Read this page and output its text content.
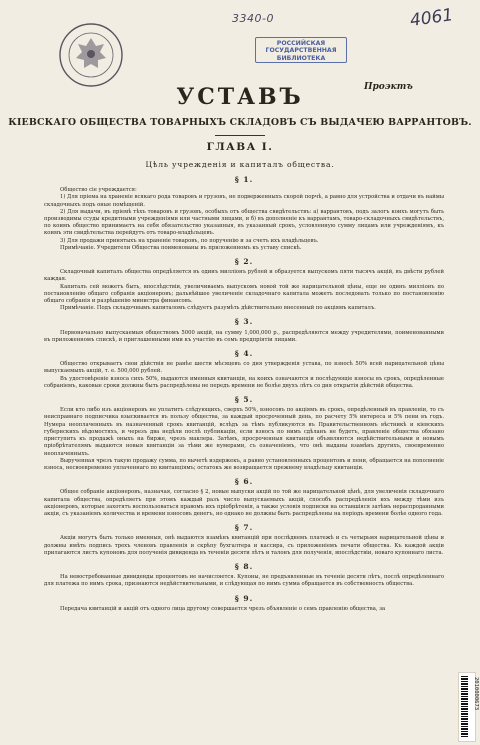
3340-0	4061
РОССИЙСКАЯ
ГОСУДАРСТВЕННАЯ
БИБЛИОТЕКА
Проэктъ
УСТАВЪ
КІЕВСКАГО ОБЩЕСТВА ТОВАРНЫХЪ СКЛАДОВЪ СЪ ВЫДАЧЕЮ ВАРРАНТОВЪ.
ГЛАВА I.
Цѣль учрежденія и капиталъ общества.
§ 1.

Общество сіе учреждается:

1) Для пріема на храненіе всякаго рода товаровъ и грузовъ, не подверженныхъ скорой порчѣ, а равно для устройства и отдачи въ наймы складочныхъ подъ оные помѣщеній.

2) Для выдачи, въ пріемѣ тѣхъ товаровъ и грузовъ, особыхъ отъ общества свидѣтельствъ: а) варрантовъ, подъ залогъ коихъ могутъ быть производимы ссуды кредитными учрежденіями или частными лицами, и б) въ дополненіе къ варрантамъ, товаро-складочныхъ свидѣтельствъ, по коимъ общество принимаетъ на себя обязательство указанныя, въ указанный срокъ, условленную сумму лицамъ или учрежденіямъ, къ коимъ эти свидѣтельства перейдутъ отъ товаро-владѣльцевъ.

3) Для продажи принятыхъ на храненіе товаровъ, по порученію и за счетъ ихъ владѣльцевъ.

Примѣчаніе. Учредители Общества поименованы въ приложенномъ къ уставу спискѣ.

§ 2.

Складочный капиталъ общества опредѣляется въ одинъ милліонъ рублей и образуется выпускомъ пяти тысячъ акцій, въ двѣсти рублей каждая.

Капиталъ сей можетъ быть, впослѣдствіи, увеличиваемъ выпускомъ новой той же нарицательной цѣны, еще не одинъ милліонъ по постановленію общаго собранія акціонеровъ; дальнѣйшее увеличеніе складочнаго капитала можетъ последовать только по постановленію общаго собранія и разрѣшенію министра финансовъ.

Примѣчаніе. Подъ складочнымъ капиталомъ слѣдуетъ разумѣть дѣйствительно внесенный по акціямъ капиталъ.

§ 3.

Первоначально выпускаемыя обществомъ 5000 акцій, на сумму 1,000,000 р., распредѣляются между учредителями, поименованными въ приложенномъ спискѣ, и приглашенными ими къ участію въ семъ предпріятіи лицами.

§ 4.

Общество открываетъ свои дѣйствія не ранѣе шести мѣсяцевъ со дня утвержденія устава, по взносѣ 50% всей нарицательной цѣны выпускаемыхъ акцій, т. е. 500,000 рублей.

Въ удостовѣреніе взноса сихъ 50%, выдаются именныя квитанціи, на коихъ означаются и послѣдующіе взносы въ срокъ, опредѣленные собраніемъ, каковые сроки должны быть распредѣлены не передъ времени не болѣе двухъ лѣтъ со дня открытія дѣйствій общества.

§ 5.

Если кто либо изъ акціонеровъ не уплатитъ слѣдующихъ, сверхъ 50%, взносовъ по акціямъ въ срокъ, опредѣленный въ правленіи, то съ неисправнаго подписчика взыскивается въ пользу общества, за каждый просроченный день, по расчету 5% интереса и 5% пени въ годъ. Нумера неоплаченныхъ въ назначенный срокъ квитанцій, вслѣдъ за тѣмъ публикуются въ Правительственномъ вѣстникѣ и кіевскихъ губернскихъ вѣдомостяхъ, и черезъ два недѣли послѣ публикаціи, если взносъ по нимъ сдѣланъ не будетъ, правленіе общества обязано приступить къ продажѣ оныхъ на бирже, чрезъ маклера. Затѣмъ, просроченныя квитанціи объявляются недѣйствительными и новымъ пріобрѣтателямъ выдаются новыя квитанціи за тѣми же нумерами, съ означеніемъ, что онѣ выданы взамѣнъ другихъ, своевременно неоплаченныхъ.

Вырученная чрезъ такую продажу сумма, по вычетѣ издержекъ, а равно установленныхъ процентовъ и пени, обращается на пополненіе взноса, несвоевременно уплаченнаго по квитанціямъ; остатокъ же возвращается прежнему владѣльцу квитанціи.

§ 6.

Общее собраніе акціонеровъ, назначая, согласно § 2, новые выпуски акцій по той же нарицательной цѣнѣ, для увеличенія складочнаго капитала общества, опредѣляетъ при этомъ каждый разъ число выпускаемыхъ акцій, способъ распредѣленія ихъ между тѣми изъ акціонеровъ, которые захотятъ воспользоваться правомъ ихъ пріобрѣтенія, а также условія подписки на оставшіяся затѣмъ нераспроданными акціи, съ указаніемъ количества и времени взносовъ денегъ, но однако не должны быть распредѣлены на періодъ времени болѣе одного года.

§ 7.

Акціи могутъ быть только именныя, онѣ выдаются взамѣнъ квитанцій при послѣднемъ платежѣ и съ четырьмя нарицательной цѣны и должны имѣть подпись трехъ членовъ правленія и скрѣпу бухгалтера и кассира, съ приложеніемъ печати общества. Къ каждой акціи прилагаются листъ купоновъ для полученія дивиденда въ теченіи десяти лѣтъ и талонъ для полученія, впослѣдствіи, новаго купоннаго листа.

§ 8.

На невостребованные дивиденды процентовъ не начисляется. Купоны, не предъявленные въ теченіе десяти лѣтъ, послѣ опредѣленнаго для платежа по нимъ срока, признаются недѣйствительными, и слѣдующая по нимъ сумма обращается въ собственность общества.

§ 9.

Передача квитанцій и акцій отъ одного лица другому совершается чрезъ объявленіе о семъ правленію общества, за

2010000673
